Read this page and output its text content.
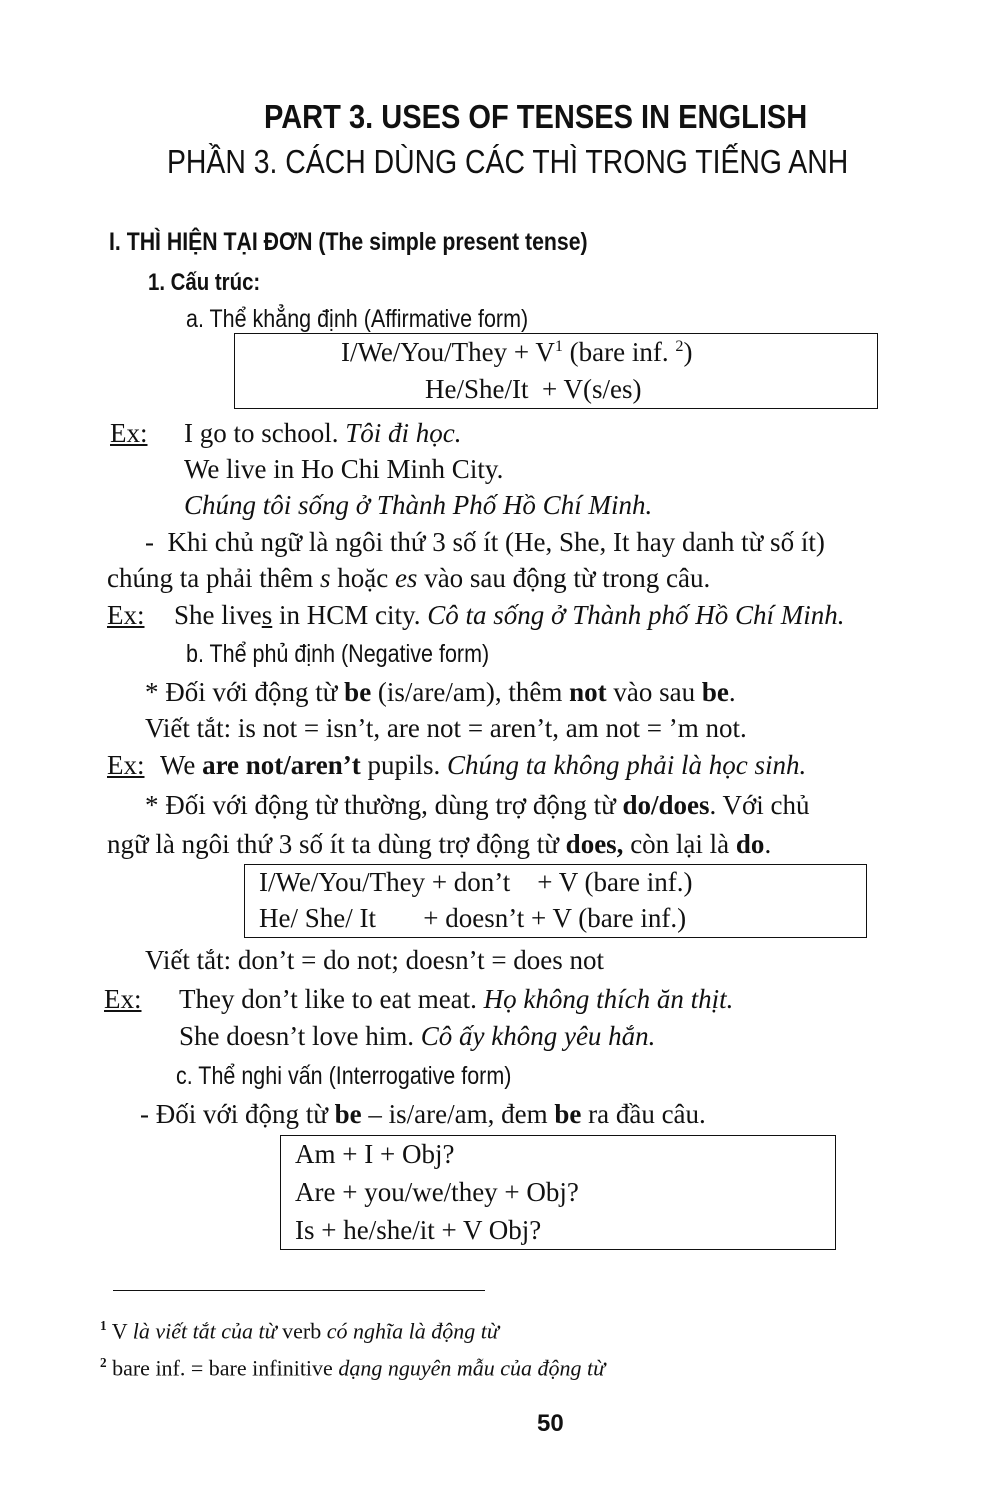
PART 3. USES OF TENSES IN ENGLISH
PHẦN 3. CÁCH DÙNG CÁC THÌ TRONG TIẾNG ANH
I. THÌ HIỆN TẠI ĐƠN (The simple present tense)
1. Cấu trúc:
a. Thể khẳng định (Affirmative form)
I/We/You/They + $V^1$ (bare inf. $^2$)
He/She/It  + V(s/es)
Ex: I go to school. Tôi đi học.
We live in Ho Chi Minh City.
Chúng tôi sống ở Thành Phố Hồ Chí Minh.
-  Khi chủ ngữ là ngôi thứ 3 số ít (He, She, It hay danh từ số ít)
chúng ta phải thêm s hoặc es vào sau động từ trong câu.
Ex: She lives in HCM city. Cô ta sống ở Thành phố Hồ Chí Minh.
b. Thể phủ định (Negative form)
* Đối với động từ be (is/are/am), thêm not vào sau be.
Viết tắt: is not = isn’t, are not = aren’t, am not = ’m not.
Ex: We are not/aren’t pupils. Chúng ta không phải là học sinh.
* Đối với động từ thường, dùng trợ động từ do/does. Với chủ
ngữ là ngôi thứ 3 số ít ta dùng trợ động từ does, còn lại là do.
I/We/You/They + don’t    + V (bare inf.)
He/ She/ It       + doesn’t + V (bare inf.)
Viết tắt: don’t = do not; doesn’t = does not
Ex: They don’t like to eat meat. Họ không thích ăn thịt.
She doesn’t love him. Cô ấy không yêu hắn.
c. Thể nghi vấn (Interrogative form)
- Đối với động từ be – is/are/am, đem be ra đầu câu.
Am + I + Obj?
Are + you/we/they + Obj?
Is + he/she/it + V Obj?
$^1$ V là viết tắt của từ verb có nghĩa là động từ
$^2$ bare inf. = bare infinitive dạng nguyên mẫu của động từ
50
